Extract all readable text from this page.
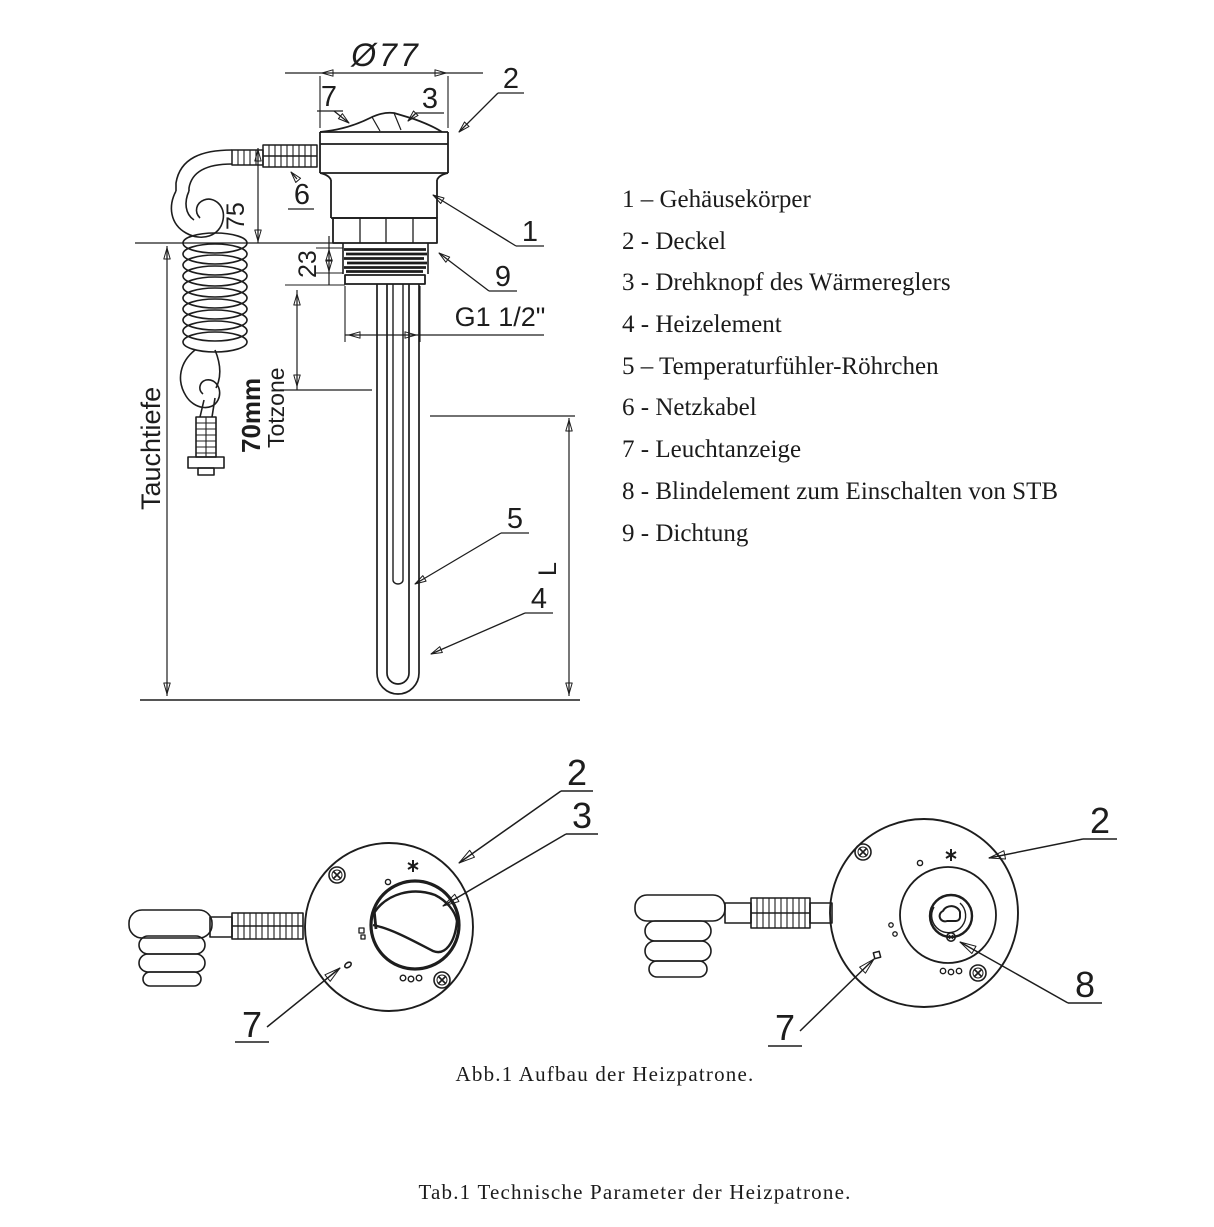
Ø77
75
23
70mm
Totzone
Tauchtiefe
G1 1/2"
L
7	3
2
6
1
9
5
4
1 – Gehäusekörper
2 - Deckel
3 - Drehknopf des Wärmereglers
4 - Heizelement
5 – Temperaturfühler-Röhrchen
6 - Netzkabel
7 - Leuchtanzeige
8 - Blindelement zum Einschalten von STB
9 - Dichtung
2
3
7
2
8
7
Abb.1 Aufbau der Heizpatrone.
Tab.1 Technische Parameter der Heizpatrone.
